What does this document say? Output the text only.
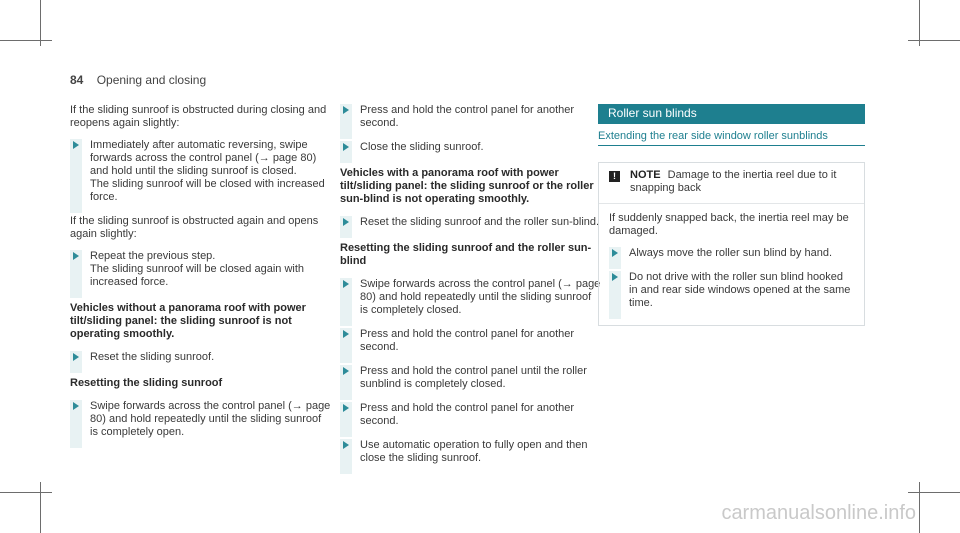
84 Opening and closing

If the sliding sunroof is obstructed during closing and reopens again slightly:

Immediately after automatic reversing, swipe forwards across the control panel (→ page 80) and hold until the sliding sunroof is closed.
The sliding sunroof will be closed with increased force.

If the sliding sunroof is obstructed again and opens again slightly:

Repeat the previous step.
The sliding sunroof will be closed again with increased force.
Vehicles without a panorama roof with power tilt/sliding panel: the sliding sunroof is not operating smoothly.
Reset the sliding sunroof.
Resetting the sliding sunroof
Swipe forwards across the control panel (→ page 80) and hold repeatedly until the sliding sunroof is completely open.
Press and hold the control panel for another second.
Close the sliding sunroof.
Vehicles with a panorama roof with power tilt/sliding panel: the sliding sunroof or the roller sun-blind is not operating smoothly.
Reset the sliding sunroof and the roller sun-blind.
Resetting the sliding sunroof and the roller sun-blind
Swipe forwards across the control panel (→ page 80) and hold repeatedly until the sliding sunroof is completely closed.
Press and hold the control panel for another second.
Press and hold the control panel until the roller sunblind is completely closed.
Press and hold the control panel for another second.
Use automatic operation to fully open and then close the sliding sunroof.
Roller sun blinds
Extending the rear side window roller sunblinds
!	NOTE Damage to the inertia reel due to it snapping back

If suddenly snapped back, the inertia reel may be damaged.

Always move the roller sun blind by hand.
Do not drive with the roller sun blind hooked in and rear side windows opened at the same time.
carmanualsonline.info
